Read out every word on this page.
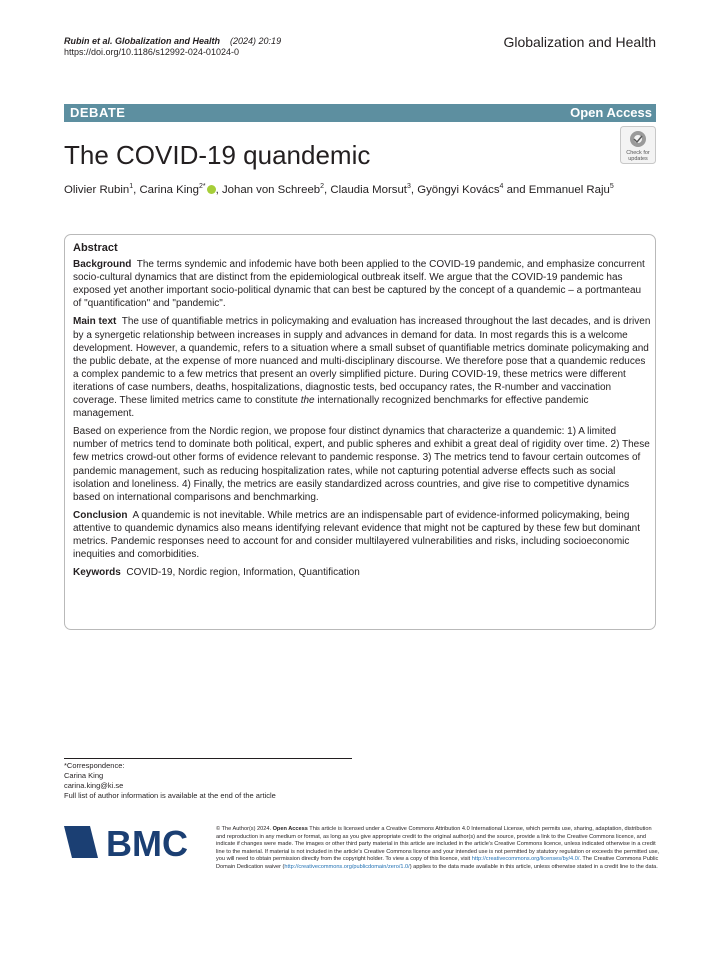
Rubin et al. Globalization and Health (2024) 20:19
https://doi.org/10.1186/s12992-024-01024-0
Globalization and Health
DEBATE	Open Access
The COVID-19 quandemic	Check for
updates
Olivier Rubin$^1$, Carina King$^{2*}$ , Johan von Schreeb$^2$, Claudia Morsut$^3$, Gyöngyi Kovács$^4$ and Emmanuel Raju$^5$
Abstract

Background The terms syndemic and infodemic have both been applied to the COVID-19 pandemic, and emphasize concurrent socio-cultural dynamics that are distinct from the epidemiological outbreak itself. We argue that the COVID-19 pandemic has exposed yet another important socio-political dynamic that can best be captured by the concept of a quandemic – a portmanteau of "quantification" and "pandemic".

Main text The use of quantifiable metrics in policymaking and evaluation has increased throughout the last decades, and is driven by a synergetic relationship between increases in supply and advances in demand for data. In most regards this is a welcome development. However, a quandemic, refers to a situation where a small subset of quantifiable metrics dominate policymaking and the public debate, at the expense of more nuanced and multi-disciplinary discourse. We therefore pose that a quandemic reduces a complex pandemic to a few metrics that present an overly simplified picture. During COVID-19, these metrics were different iterations of case numbers, deaths, hospitalizations, diagnostic tests, bed occupancy rates, the R-number and vaccination coverage. These limited metrics came to constitute the internationally recognized benchmarks for effective pandemic management.

Based on experience from the Nordic region, we propose four distinct dynamics that characterize a quandemic: 1) A limited number of metrics tend to dominate both political, expert, and public spheres and exhibit a great deal of rigidity over time. 2) These few metrics crowd-out other forms of evidence relevant to pandemic response. 3) The metrics tend to favour certain outcomes of pandemic management, such as reducing hospitalization rates, while not capturing potential adverse effects such as social isolation and loneliness. 4) Finally, the metrics are easily standardized across countries, and give rise to competitive dynamics based on international comparisons and benchmarking.

Conclusion A quandemic is not inevitable. While metrics are an indispensable part of evidence-informed policymaking, being attentive to quandemic dynamics also means identifying relevant evidence that might not be captured by these few but dominant metrics. Pandemic responses need to account for and consider multilayered vulnerabilities and risks, including socioeconomic inequities and comorbidities.

Keywords COVID-19, Nordic region, Information, Quantification

*Correspondence:
Carina King
carina.king@ki.se
Full list of author information is available at the end of the article
BMC	© The Author(s) 2024. Open Access This article is licensed under a Creative Commons Attribution 4.0 International License, which permits use, sharing, adaptation, distribution and reproduction in any medium or format, as long as you give appropriate credit to the original author(s) and the source, provide a link to the Creative Commons licence, and indicate if changes were made. The images or other third party material in this article are included in the article's Creative Commons licence, unless indicated otherwise in a credit line to the material. If material is not included in the article's Creative Commons licence and your intended use is not permitted by statutory regulation or exceeds the permitted use, you will need to obtain permission directly from the copyright holder. To view a copy of this licence, visit http://creativecommons.org/licenses/by/4.0/. The Creative Commons Public Domain Dedication waiver (http://creativecommons.org/publicdomain/zero/1.0/) applies to the data made available in this article, unless otherwise stated in a credit line to the data.
